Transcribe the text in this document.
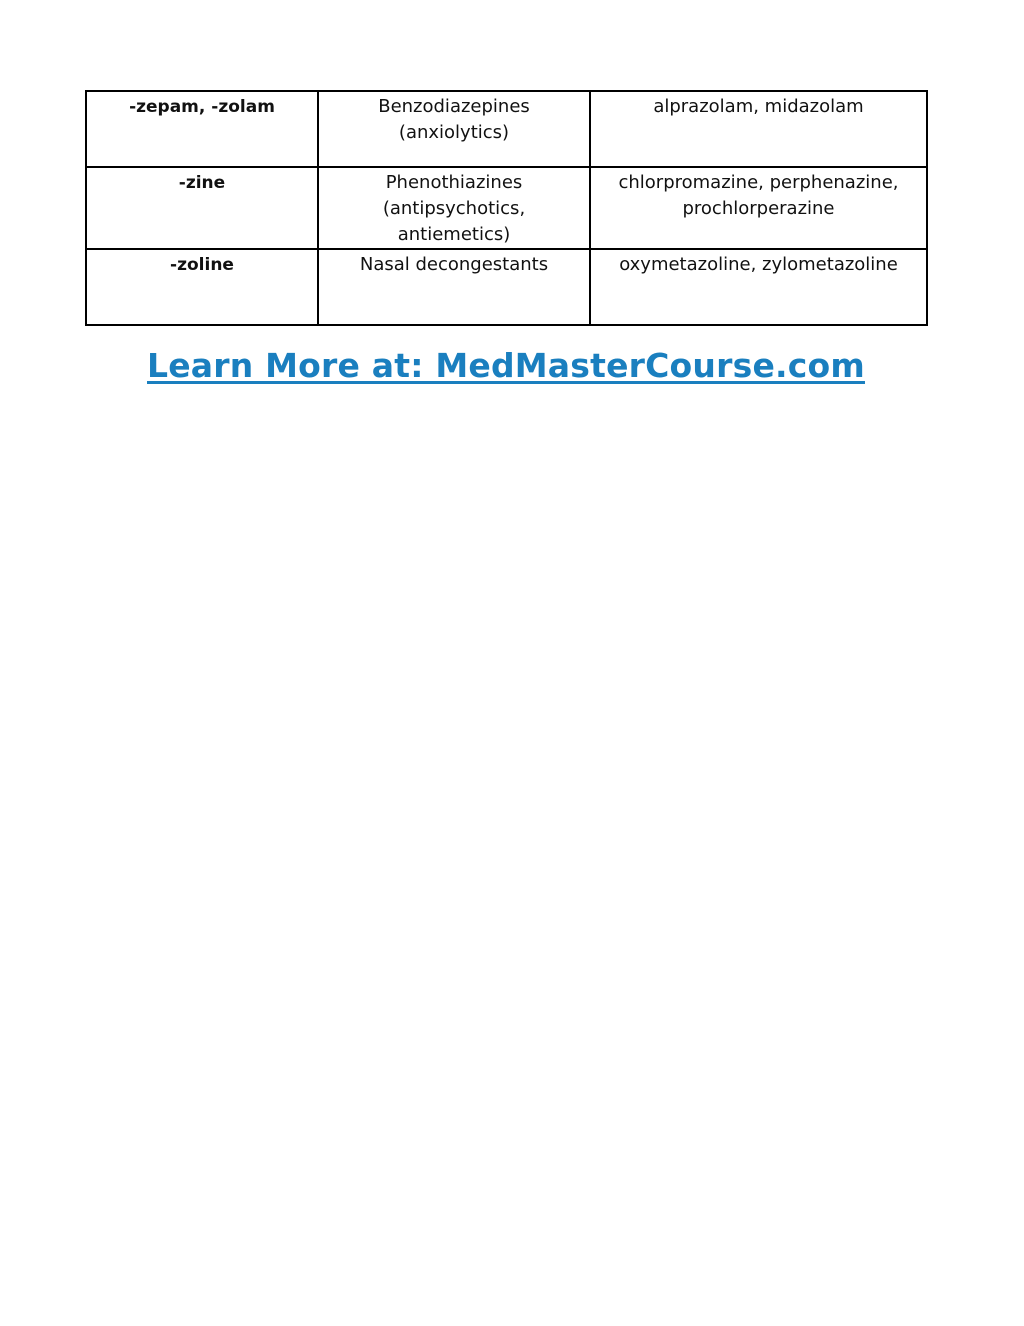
-zepam, -zolam	Benzodiazepines (anxiolytics)	alprazolam, midazolam
-zine	Phenothiazines (antipsychotics, antiemetics)	chlorpromazine, perphenazine, prochlorperazine
-zoline	Nasal decongestants	oxymetazoline, zylometazoline
Learn More at: MedMasterCourse.com
